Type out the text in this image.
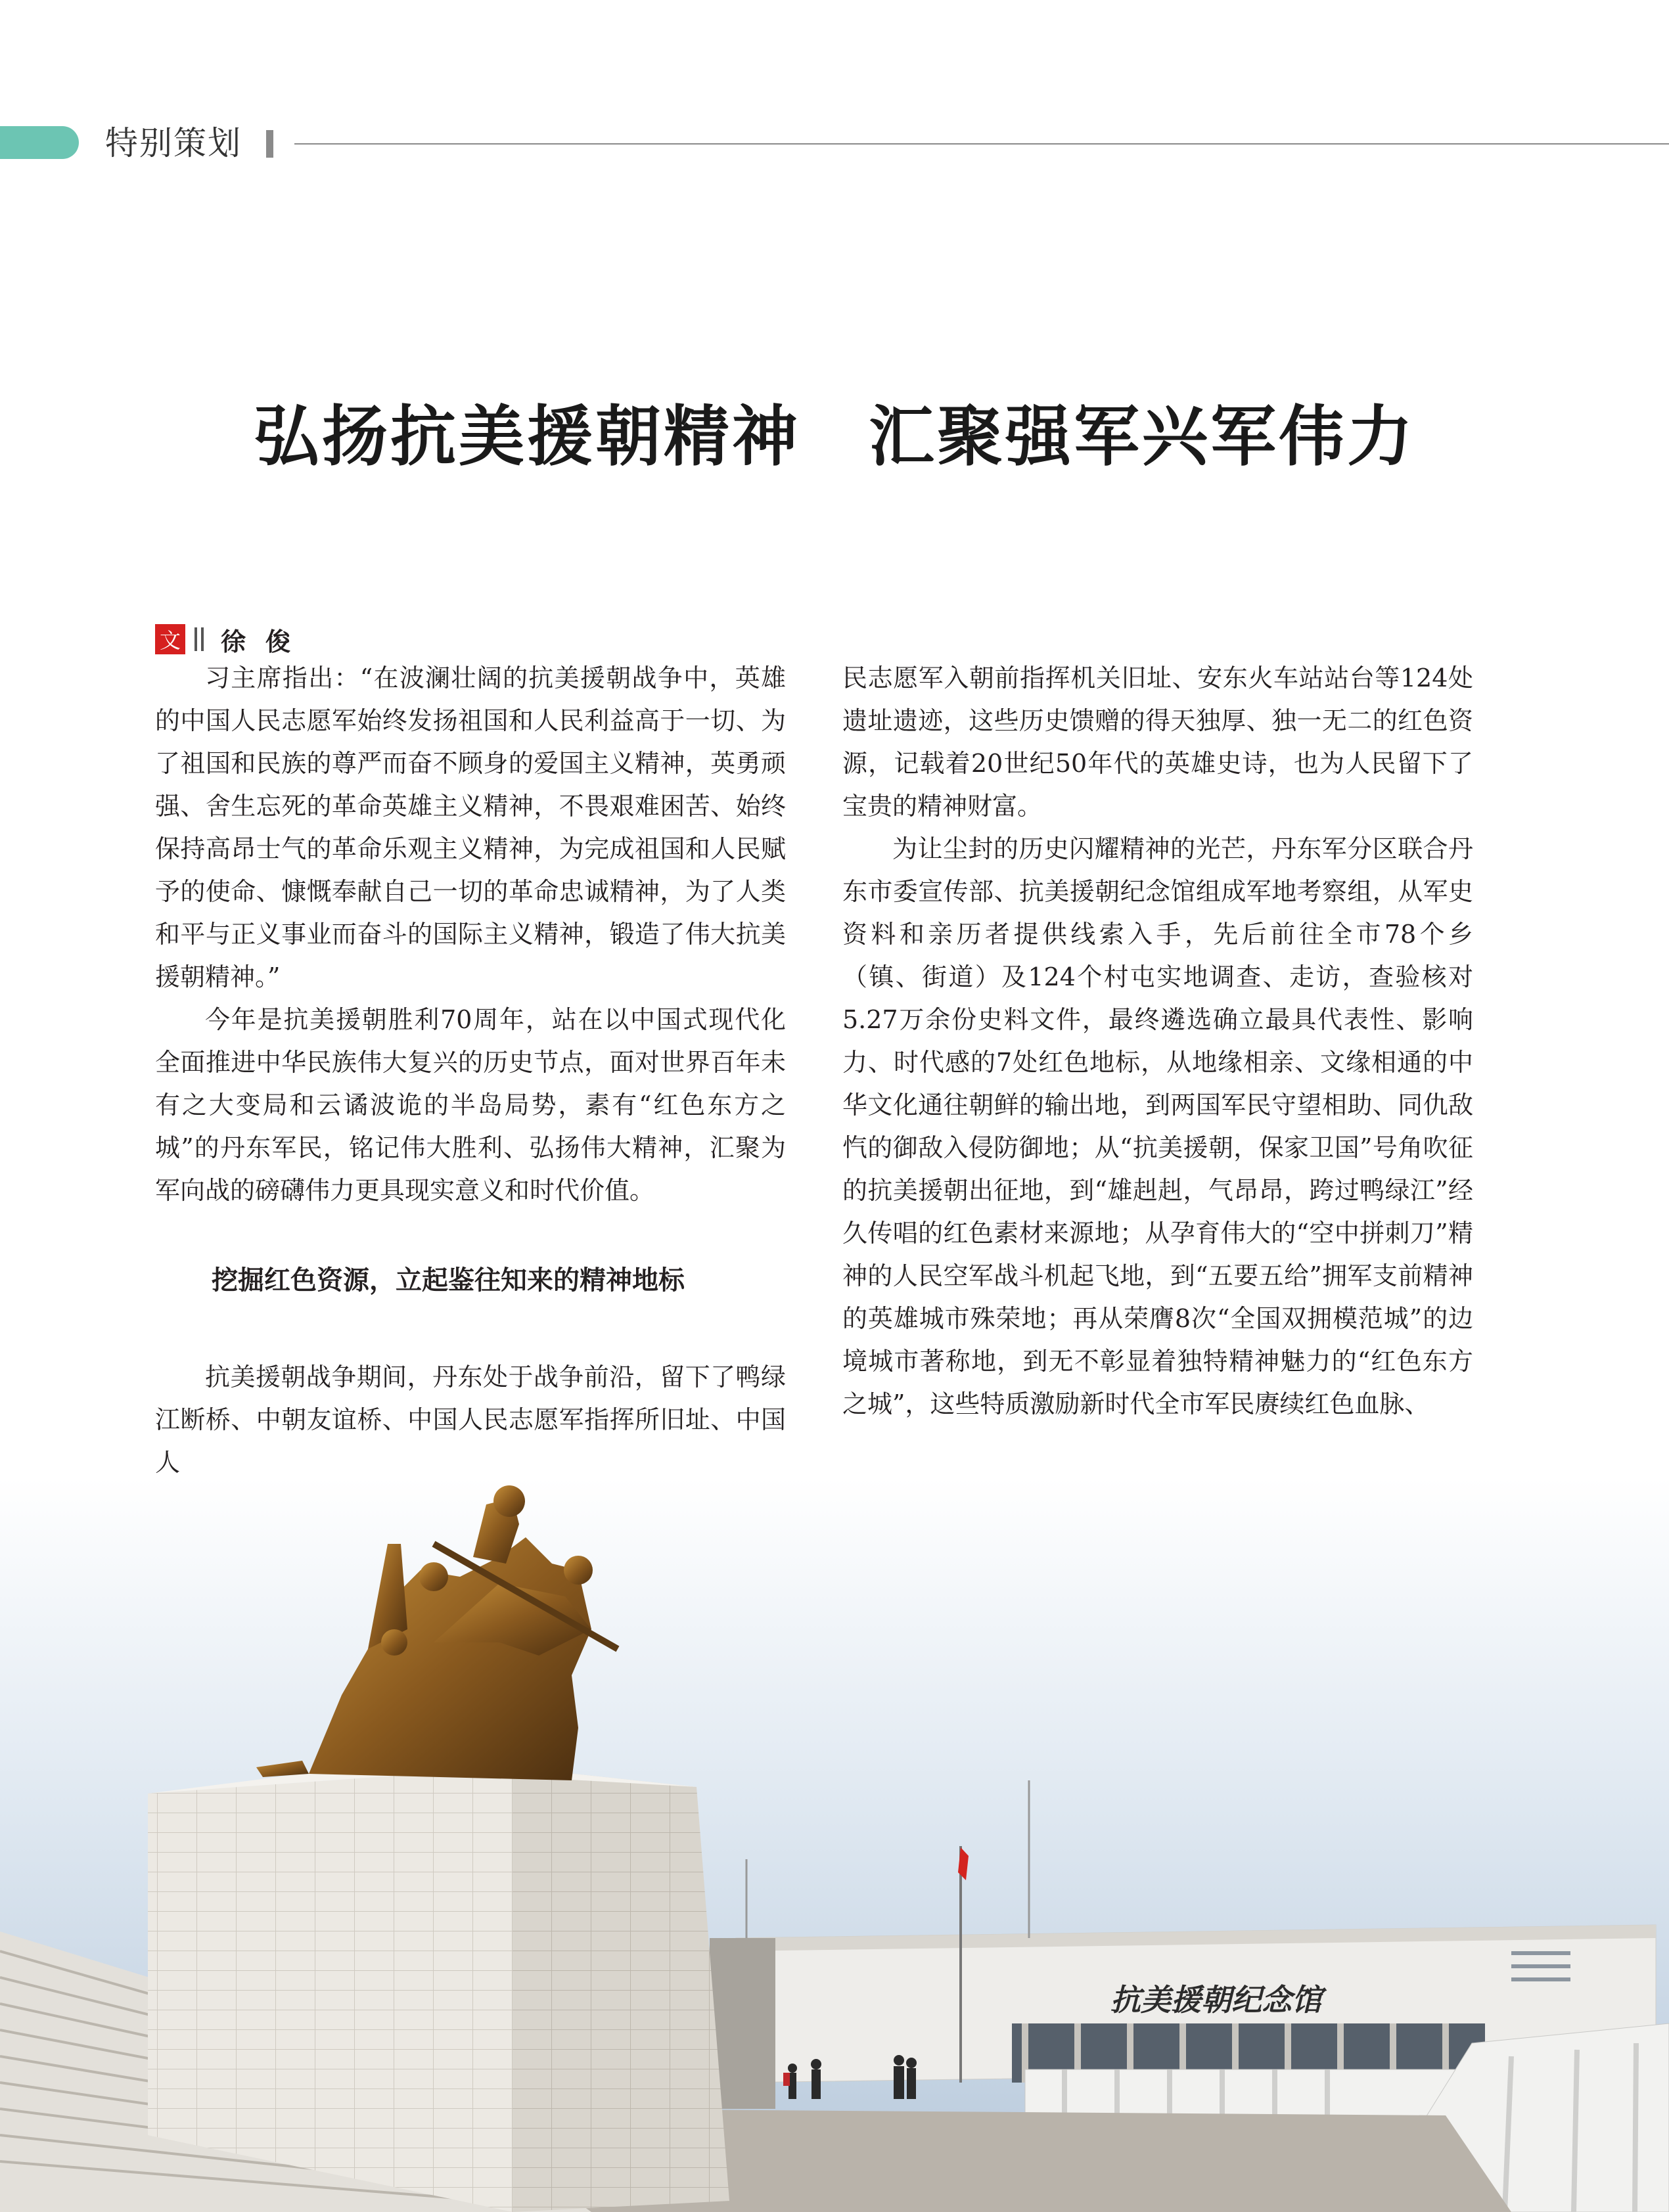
特别策划
弘扬抗美援朝精神　汇聚强军兴军伟力
文 徐俊

习主席指出：“在波澜壮阔的抗美援朝战争中，英雄的中国人民志愿军始终发扬祖国和人民利益高于一切、为了祖国和民族的尊严而奋不顾身的爱国主义精神，英勇顽强、舍生忘死的革命英雄主义精神，不畏艰难困苦、始终保持高昂士气的革命乐观主义精神，为完成祖国和人民赋予的使命、慷慨奉献自己一切的革命忠诚精神，为了人类和平与正义事业而奋斗的国际主义精神，锻造了伟大抗美援朝精神。”

今年是抗美援朝胜利70周年，站在以中国式现代化全面推进中华民族伟大复兴的历史节点，面对世界百年未有之大变局和云谲波诡的半岛局势，素有“红色东方之城”的丹东军民，铭记伟大胜利、弘扬伟大精神，汇聚为军向战的磅礴伟力更具现实意义和时代价值。

挖掘红色资源，立起鉴往知来的精神地标

抗美援朝战争期间，丹东处于战争前沿，留下了鸭绿江断桥、中朝友谊桥、中国人民志愿军指挥所旧址、中国人

民志愿军入朝前指挥机关旧址、安东火车站站台等124处遗址遗迹，这些历史馈赠的得天独厚、独一无二的红色资源，记载着20世纪50年代的英雄史诗，也为人民留下了宝贵的精神财富。

为让尘封的历史闪耀精神的光芒，丹东军分区联合丹东市委宣传部、抗美援朝纪念馆组成军地考察组，从军史资料和亲历者提供线索入手，先后前往全市78个乡（镇、街道）及124个村屯实地调查、走访，查验核对5.27万余份史料文件，最终遴选确立最具代表性、影响力、时代感的7处红色地标，从地缘相亲、文缘相通的中华文化通往朝鲜的输出地，到两国军民守望相助、同仇敌忾的御敌入侵防御地；从“抗美援朝，保家卫国”号角吹征的抗美援朝出征地，到“雄赳赳，气昂昂，跨过鸭绿江”经久传唱的红色素材来源地；从孕育伟大的“空中拼刺刀”精神的人民空军战斗机起飞地，到“五要五给”拥军支前精神的英雄城市殊荣地；再从荣膺8次“全国双拥模范城”的边境城市著称地，到无不彰显着独特精神魅力的“红色东方之城”，这些特质激励新时代全市军民赓续红色血脉、

抗美援朝纪念馆
